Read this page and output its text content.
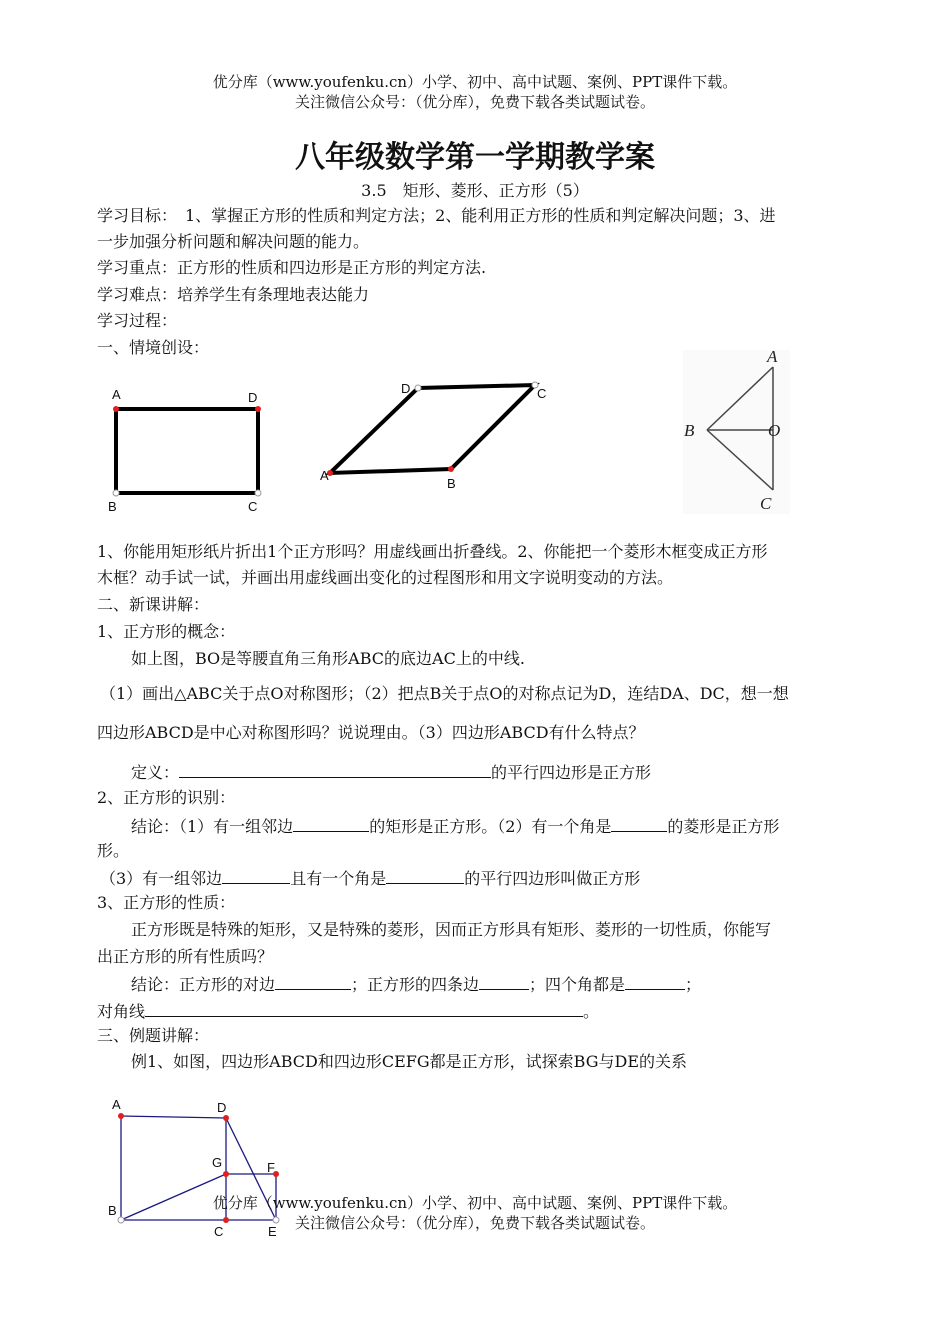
优分库（www.youfenku.cn）小学、初中、高中试题、案例、PPT课件下载。
关注微信公众号：（优分库），免费下载各类试题试卷。
八年级数学第一学期教学案
3.5　矩形、菱形、正方形（5）
学习目标：　1、掌握正方形的性质和判定方法；2、能利用正方形的性质和判定解决问题；3、进
一步加强分析问题和解决问题的能力。
学习重点：正方形的性质和四边形是正方形的判定方法.
学习难点：培养学生有条理地表达能力
学习过程：
一、情境创设：
A	D
B	C
D	C
A
B
A
B	O
C
A	D
G	F
B
C	E
1、你能用矩形纸片折出1个正方形吗？用虚线画出折叠线。2、你能把一个菱形木框变成正方形
木框？动手试一试，并画出用虚线画出变化的过程图形和用文字说明变动的方法。
二、新课讲解：
1、正方形的概念：
如上图，BO是等腰直角三角形ABC的底边AC上的中线.
（1）画出△ABC关于点O对称图形；（2）把点B关于点O的对称点记为D，连结DA、DC，想一想
四边形ABCD是中心对称图形吗？说说理由。（3）四边形ABCD有什么特点？
定义：	的平行四边形是正方形
2、正方形的识别：
结论：（1）有一组邻边	的矩形是正方形。（2）有一个角是	的菱形是正方形
形。
（3）有一组邻边	且有一个角是	的平行四边形叫做正方形
3、正方形的性质：
正方形既是特殊的矩形，又是特殊的菱形，因而正方形具有矩形、菱形的一切性质，你能写
出正方形的所有性质吗？
结论：正方形的对边	；正方形的四条边	；四个角都是	；
对角线	。
三、例题讲解：
例1、如图，四边形ABCD和四边形CEFG都是正方形，试探索BG与DE的关系
优分库（www.youfenku.cn）小学、初中、高中试题、案例、PPT课件下载。
关注微信公众号：（优分库），免费下载各类试题试卷。
